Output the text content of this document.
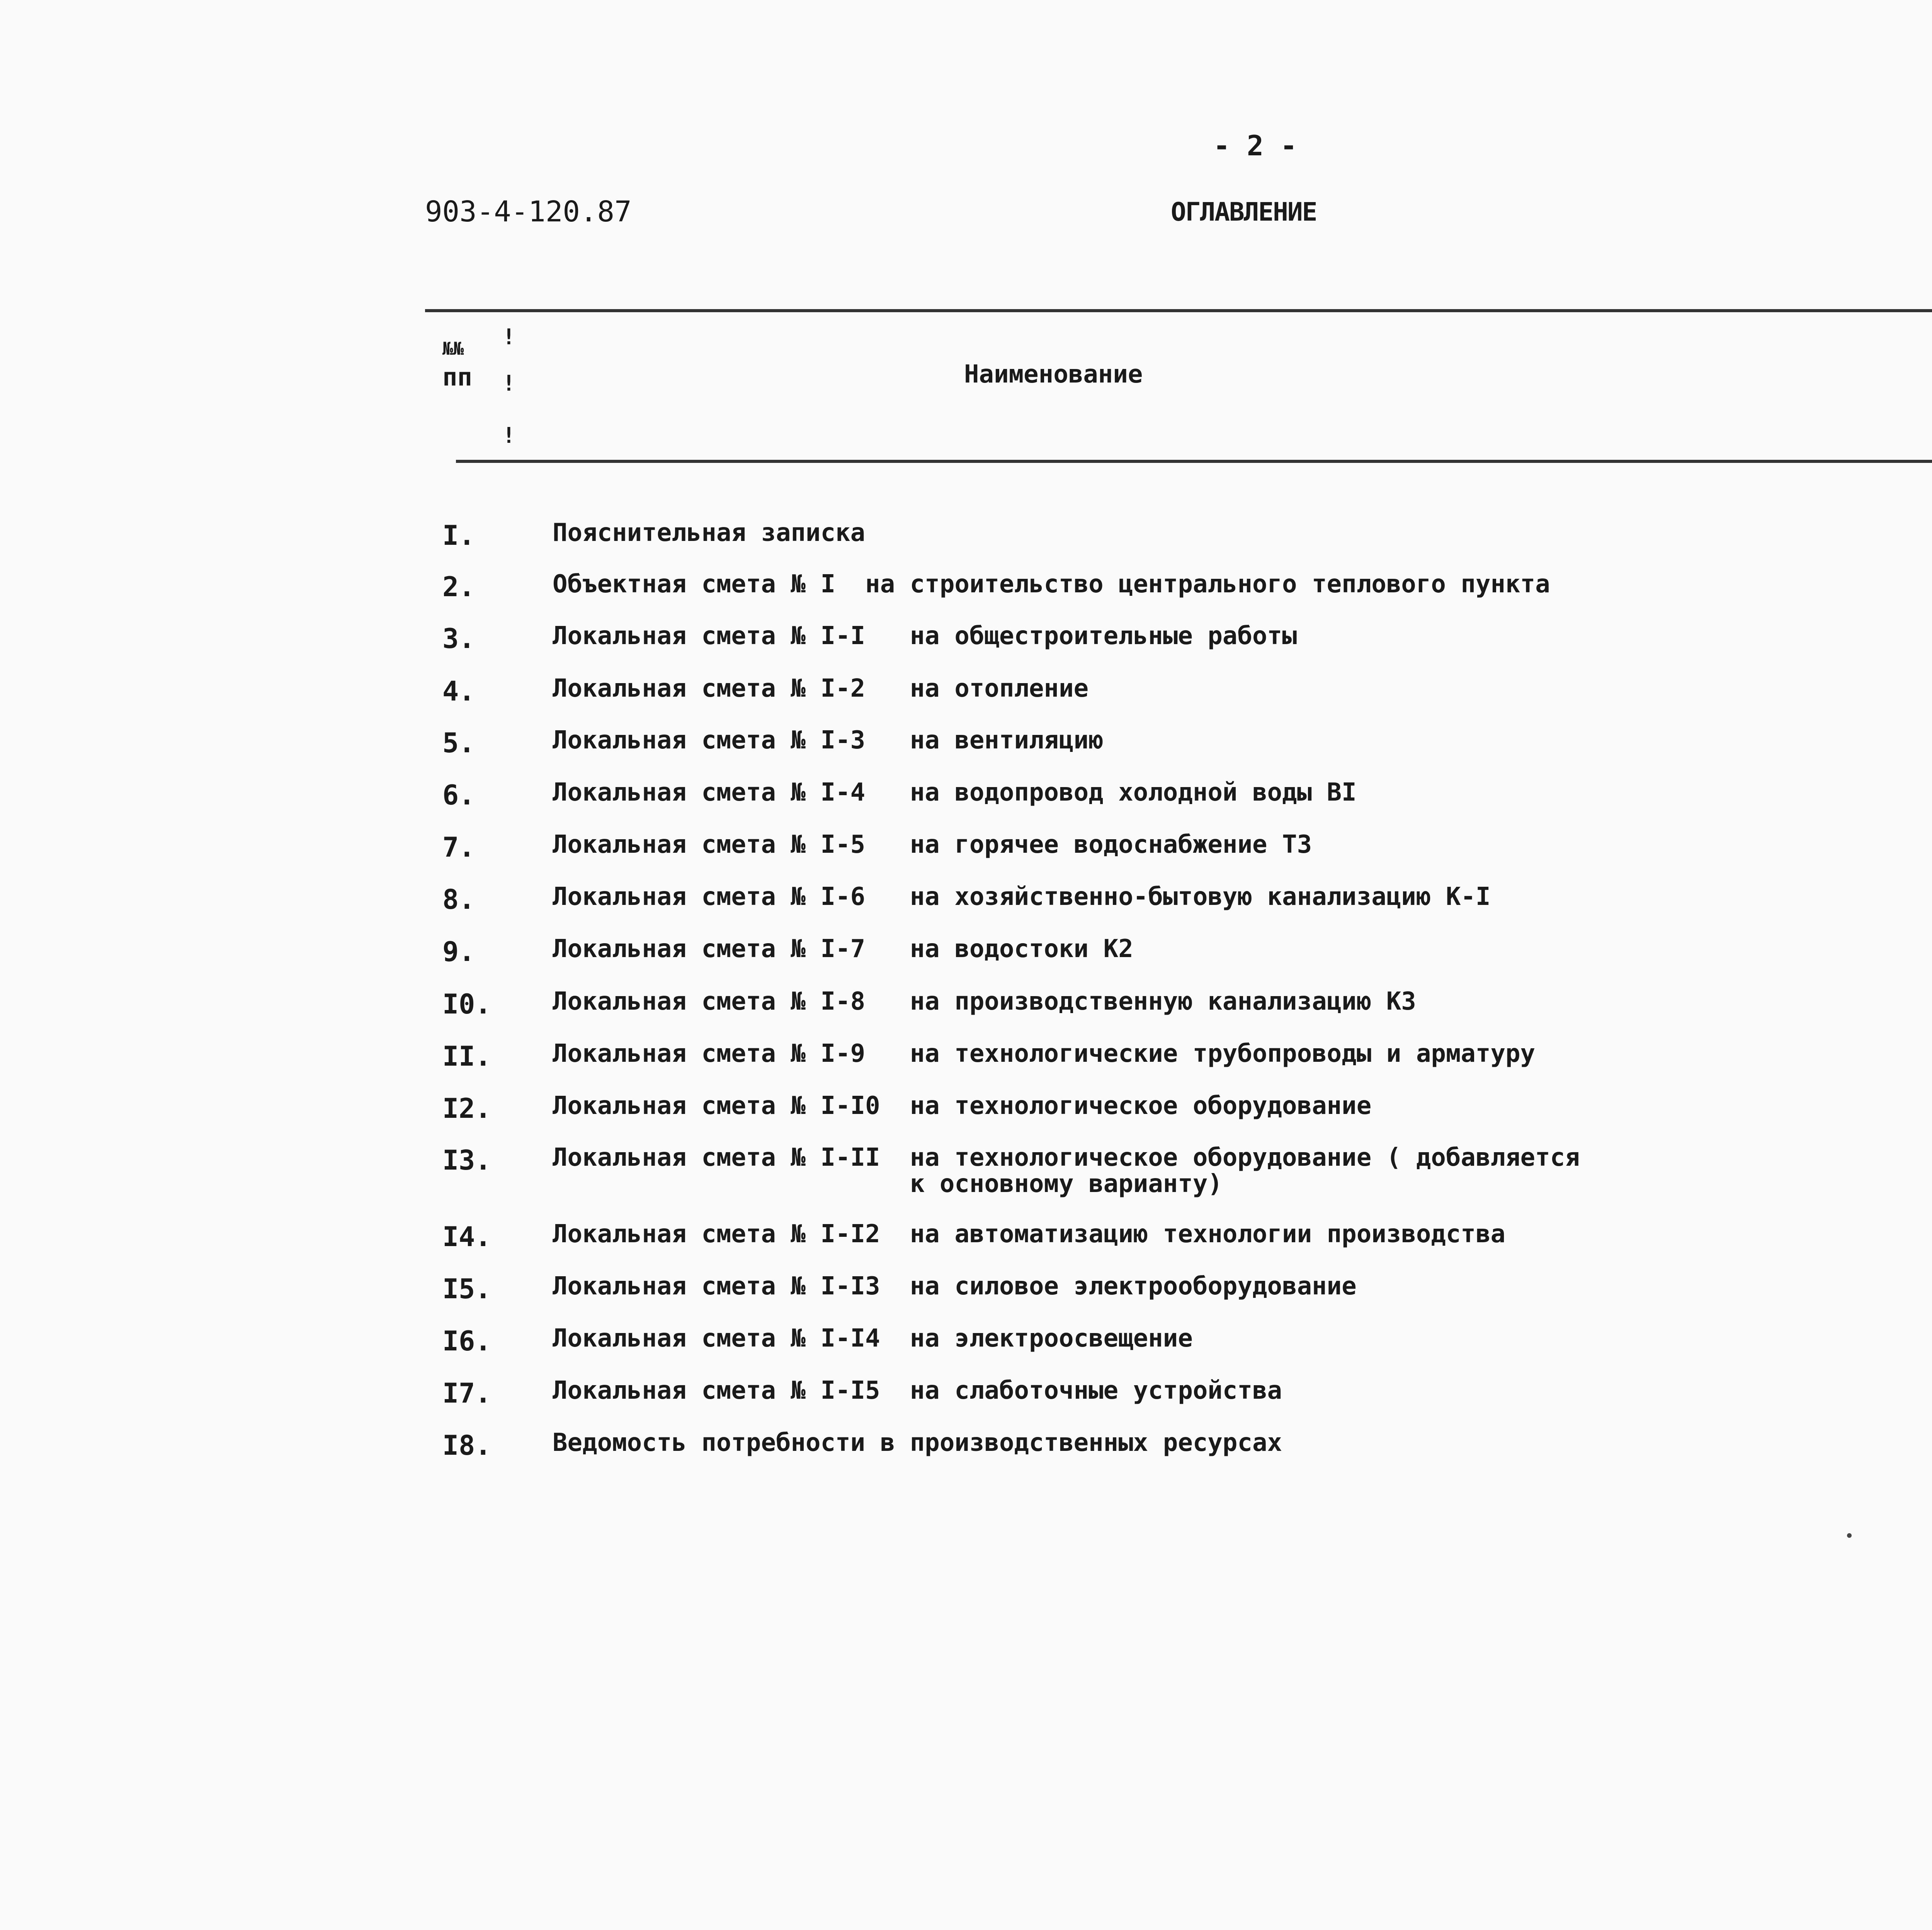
- 2 -
903-4-120.87	ОГЛАВЛЕНИЕ
№№
пп
!
!
!
Наименование
I.	Пояснительная записка
2.	Объектная смета № I  на строительство центрального теплового пункта
3.	Локальная смета № I-I   на общестроительные работы
4.	Локальная смета № I-2   на отопление
5.	Локальная смета № I-3   на вентиляцию
6.	Локальная смета № I-4   на водопровод холодной воды BI
7.	Локальная смета № I-5   на горячее водоснабжение Т3
8.	Локальная смета № I-6   на хозяйственно-бытовую канализацию К-I
9.	Локальная смета № I-7   на водостоки К2
I0. Локальная смета № I-8   на производственную канализацию К3
II. Локальная смета № I-9   на технологические трубопроводы и арматуру
I2. Локальная смета № I-I0  на технологическое оборудование
I3. Локальная смета № I-II  на технологическое оборудование ( добавляется
к основному варианту)
I4. Локальная смета № I-I2  на автоматизацию технологии производства
I5. Локальная смета № I-I3  на силовое электрооборудование
I6. Локальная смета № I-I4  на электроосвещение
I7. Локальная смета № I-I5  на слаботочные устройства
I8. Ведомость потребности в производственных ресурсах
